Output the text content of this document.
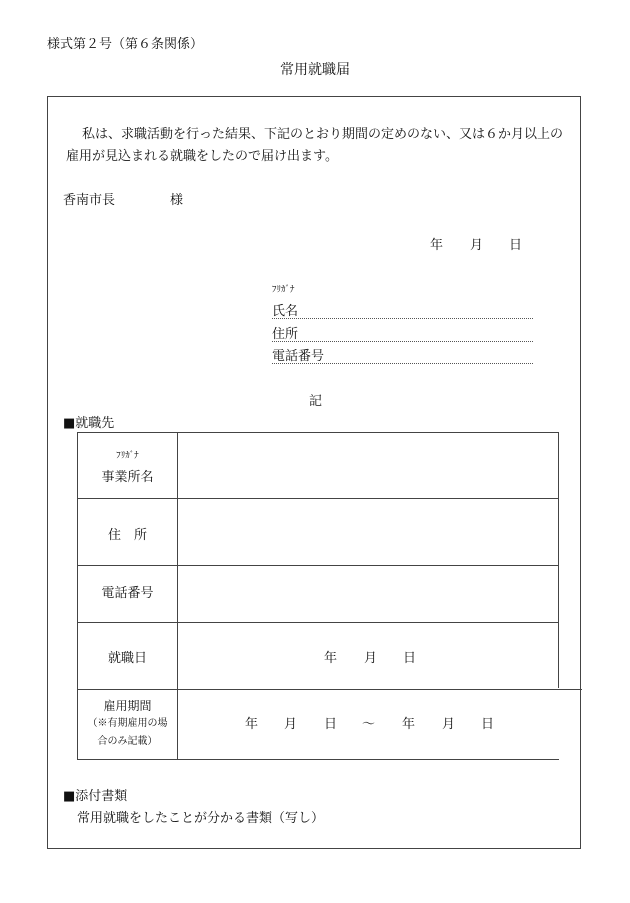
様式第２号（第６条関係）
常用就職届
私は、求職活動を行った結果、下記のとおり期間の定めのない、又は６か月以上の
雇用が見込まれる就職をしたので届け出ます。
香南市長	様
年 月 日
ﾌﾘｶﾞﾅ
氏名
住所
電話番号
記
■就職先
ﾌﾘｶﾞﾅ
事業所名
住　所
電話番号
就職日
雇用期間
（※有期雇用の場
合のみ記載）
年 月 日
年 月 日 ～ 年 月 日
■添付書類
常用就職をしたことが分かる書類（写し）
